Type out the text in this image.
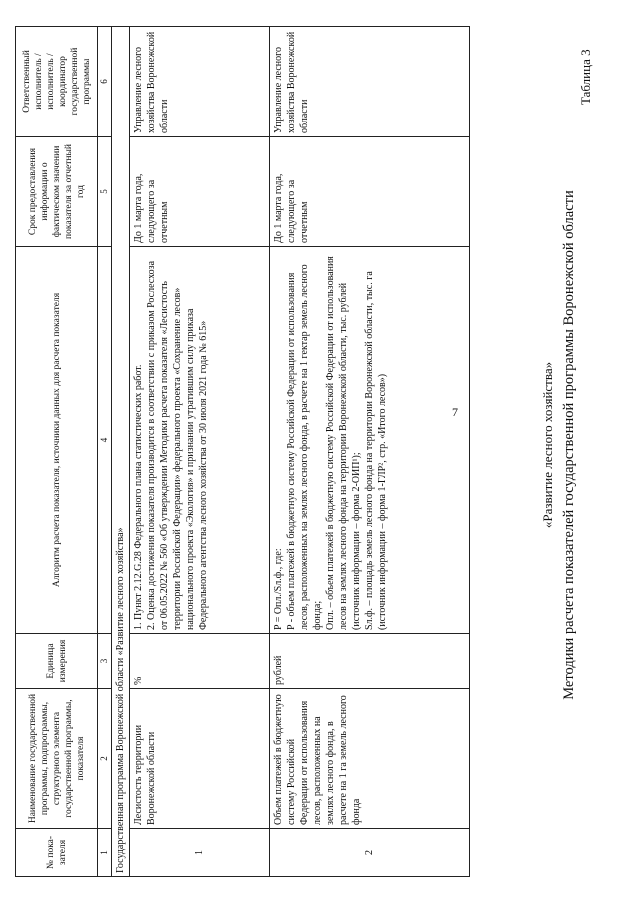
Таблица 3
Методики расчета показателей государственной программы Воронежской области
«Развитие лесного хозяйства»
№ пока-зателя	Наименование государственной программы, подпрограммы, структурного элемента государственной программы, показателя	Единица измерения	Алгоритм расчета показателя, источники данных для расчета показателя	Срок предоставления информации о фактическом значении показателя за отчетный год	Ответственный исполнитель / исполнитель / координатор государственной программы
1	2	3	4	5	6
Государственная программа Воронежской области «Развитие лесного хозяйства»					
1	Лесистость территории Воронежской области	%	1. Пункт 2.12.G.28 Федерального плана статистических работ. 2. Оценка достижения показателя производится в соответствии с приказом Рослесхоза от 06.05.2022 № 560 «Об утверждении Методики расчета показателя «Лесистость территории Российской Федерации» федерального проекта «Сохранение лесов» национального проекта «Экология» и признании утратившим силу приказа Федерального агентства лесного хозяйства от 30 июля 2021 года № 615»	До 1 марта года, следующего за отчетным	Управление лесного хозяйства Воронежской области
2	Объем платежей в бюджетную систему Российской Федерации от использования лесов, расположенных на землях лесного фонда, в расчете на 1 га земель лесного фонда	рублей	P = Опл./Sл.ф., где: P - объем платежей в бюджетную систему Российской Федерации от использования лесов, расположенных на землях лесного фонда, в расчете на 1 гектар земель лесного фонда; Опл. – объем платежей в бюджетную систему Российской Федерации от использования лесов на землях лесного фонда на территории Воронежской области, тыс. рублей (источник информации – форма 2-ОИП¹); Sл.ф. – площадь земель лесного фонда на территории Воронежской области, тыс. га (источник информации – форма 1-ГЛР², стр. «Итого лесов»)	До 1 марта года, следующего за отчетным	Управление лесного хозяйства Воронежской области
7
